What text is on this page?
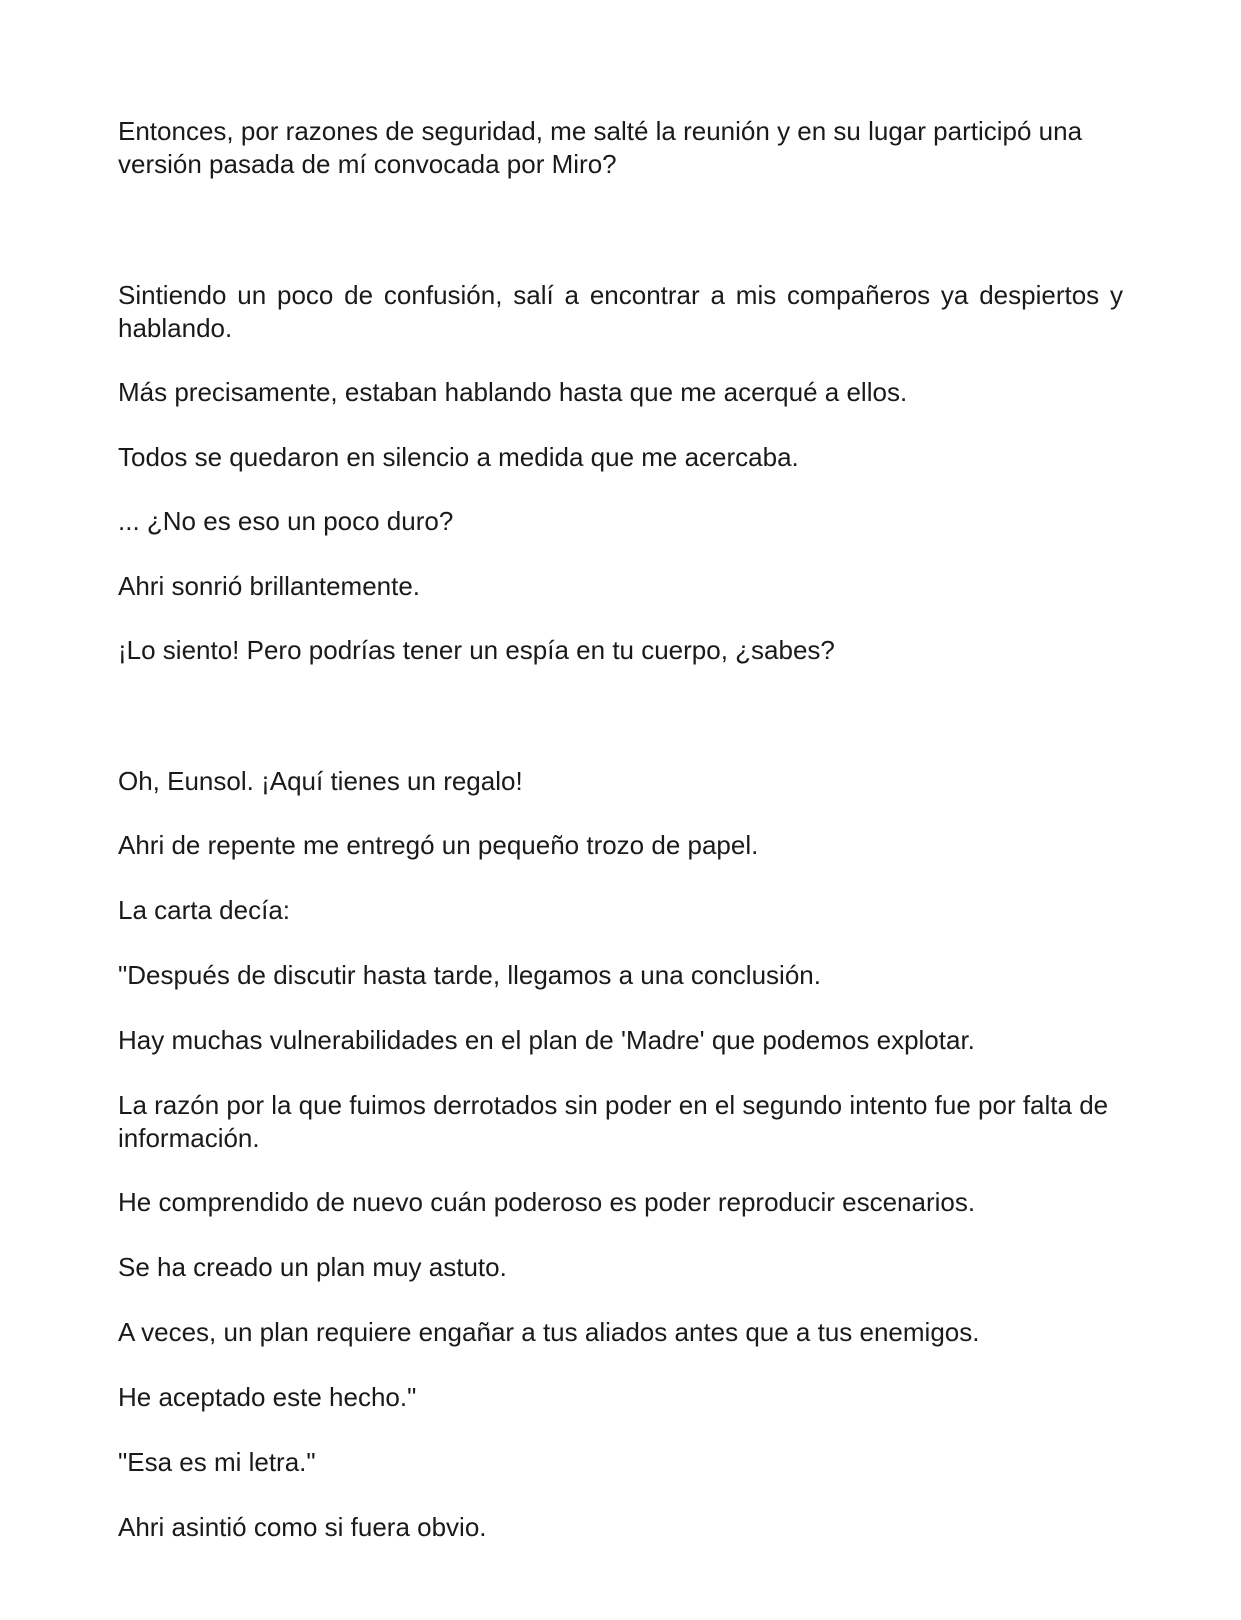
Entonces, por razones de seguridad, me salté la reunión y en su lugar participó una versión pasada de mí convocada por Miro?

Sintiendo un poco de confusión, salí a encontrar a mis compañeros ya despiertos y hablando.

Más precisamente, estaban hablando hasta que me acerqué a ellos.

Todos se quedaron en silencio a medida que me acercaba.

... ¿No es eso un poco duro?

Ahri sonrió brillantemente.

¡Lo siento! Pero podrías tener un espía en tu cuerpo, ¿sabes?

Oh, Eunsol. ¡Aquí tienes un regalo!

Ahri de repente me entregó un pequeño trozo de papel.

La carta decía:

"Después de discutir hasta tarde, llegamos a una conclusión.

Hay muchas vulnerabilidades en el plan de 'Madre' que podemos explotar.

La razón por la que fuimos derrotados sin poder en el segundo intento fue por falta de información.

He comprendido de nuevo cuán poderoso es poder reproducir escenarios.

Se ha creado un plan muy astuto.

A veces, un plan requiere engañar a tus aliados antes que a tus enemigos.

He aceptado este hecho."

"Esa es mi letra."

Ahri asintió como si fuera obvio.
